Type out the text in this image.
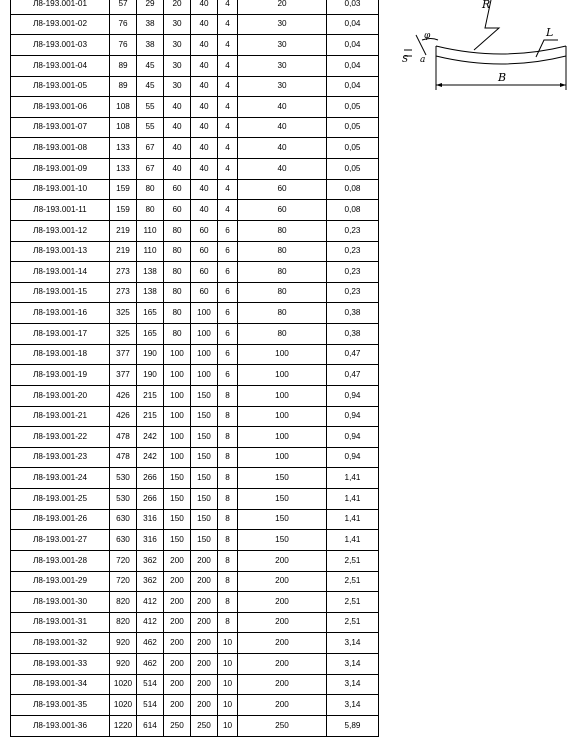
Л8-193.001-01	57	29	20	40	4	20	0,03
Л8-193.001-02	76	38	30	40	4	30	0,04
Л8-193.001-03	76	38	30	40	4	30	0,04
Л8-193.001-04	89	45	30	40	4	30	0,04
Л8-193.001-05	89	45	30	40	4	30	0,04
Л8-193.001-06	108	55	40	40	4	40	0,05
Л8-193.001-07	108	55	40	40	4	40	0,05
Л8-193.001-08	133	67	40	40	4	40	0,05
Л8-193.001-09	133	67	40	40	4	40	0,05
Л8-193.001-10	159	80	60	40	4	60	0,08
Л8-193.001-11	159	80	60	40	4	60	0,08
Л8-193.001-12	219	110	80	60	6	80	0,23
Л8-193.001-13	219	110	80	60	6	80	0,23
Л8-193.001-14	273	138	80	60	6	80	0,23
Л8-193.001-15	273	138	80	60	6	80	0,23
Л8-193.001-16	325	165	80	100	6	80	0,38
Л8-193.001-17	325	165	80	100	6	80	0,38
Л8-193.001-18	377	190	100	100	6	100	0,47
Л8-193.001-19	377	190	100	100	6	100	0,47
Л8-193.001-20	426	215	100	150	8	100	0,94
Л8-193.001-21	426	215	100	150	8	100	0,94
Л8-193.001-22	478	242	100	150	8	100	0,94
Л8-193.001-23	478	242	100	150	8	100	0,94
Л8-193.001-24	530	266	150	150	8	150	1,41
Л8-193.001-25	530	266	150	150	8	150	1,41
Л8-193.001-26	630	316	150	150	8	150	1,41
Л8-193.001-27	630	316	150	150	8	150	1,41
Л8-193.001-28	720	362	200	200	8	200	2,51
Л8-193.001-29	720	362	200	200	8	200	2,51
Л8-193.001-30	820	412	200	200	8	200	2,51
Л8-193.001-31	820	412	200	200	8	200	2,51
Л8-193.001-32	920	462	200	200	10	200	3,14
Л8-193.001-33	920	462	200	200	10	200	3,14
Л8-193.001-34	1020	514	200	200	10	200	3,14
Л8-193.001-35	1020	514	200	200	10	200	3,14
Л8-193.001-36	1220	614	250	250	10	250	5,89
R
L
B
φ
S a
